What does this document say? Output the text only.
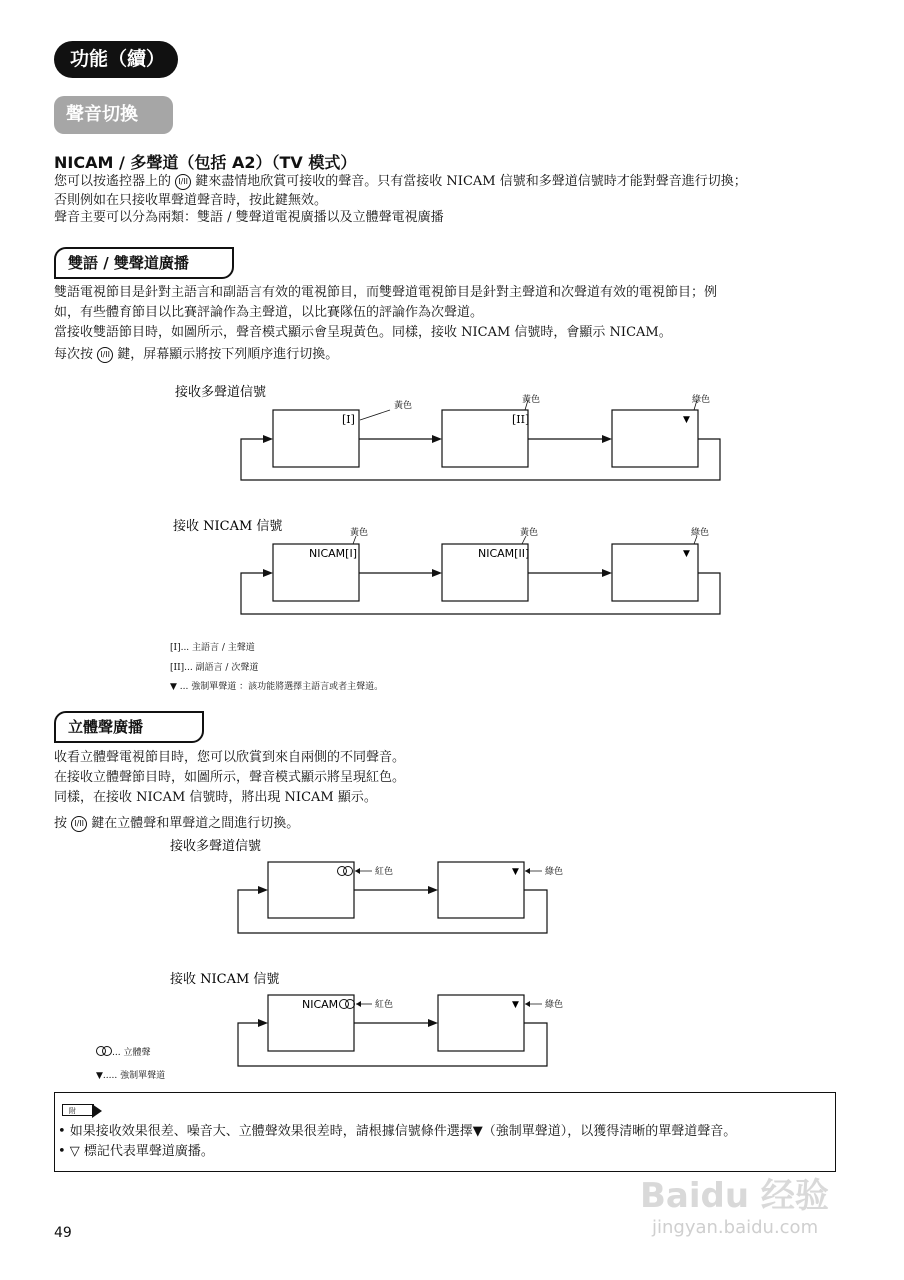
功能（續）
聲音切換
NICAM / 多聲道（包括 A2）（TV 模式）
您可以按遙控器上的 I/II 鍵來盡情地欣賞可接收的聲音。只有當接收 NICAM 信號和多聲道信號時才能對聲音進行切換；
否則例如在只接收單聲道聲音時，按此鍵無效。
聲音主要可以分為兩類：雙語 / 雙聲道電視廣播以及立體聲電視廣播
雙語 / 雙聲道廣播
雙語電視節目是針對主語言和副語言有效的電視節目，而雙聲道電視節目是針對主聲道和次聲道有效的電視節目；例
如，有些體育節目以比賽評論作為主聲道，以比賽隊伍的評論作為次聲道。
當接收雙語節目時，如圖所示，聲音模式顯示會呈現黃色。同樣，接收 NICAM 信號時，會顯示 NICAM。
每次按 I/II 鍵，屏幕顯示將按下列順序進行切換。
接收多聲道信號
[I]	[II]	▼
黃色
黃色	綠色
接收 NICAM 信號
NICAM[I]	NICAM[II]	▼
黃色	黃色	綠色
[I]... 主語言 / 主聲道
[II]... 副語言 / 次聲道
▼ ... 強制單聲道 ：該功能將選擇主語言或者主聲道。
立體聲廣播
收看立體聲電視節目時，您可以欣賞到來自兩側的不同聲音。
在接收立體聲節目時，如圖所示，聲音模式顯示將呈現紅色。
同樣，在接收 NICAM 信號時，將出現 NICAM 顯示。
按 I/II 鍵在立體聲和單聲道之間進行切換。
接收多聲道信號
▼
紅色	綠色
接收 NICAM 信號
NICAM	▼
紅色	綠色
... 立體聲
▼..... 強制單聲道
附
• 如果接收效果很差、噪音大、立體聲效果很差時，請根據信號條件選擇▼（強制單聲道），以獲得清晰的單聲道聲音。
• ▽ 標記代表單聲道廣播。
49
Baidu 经验
jingyan.baidu.com
